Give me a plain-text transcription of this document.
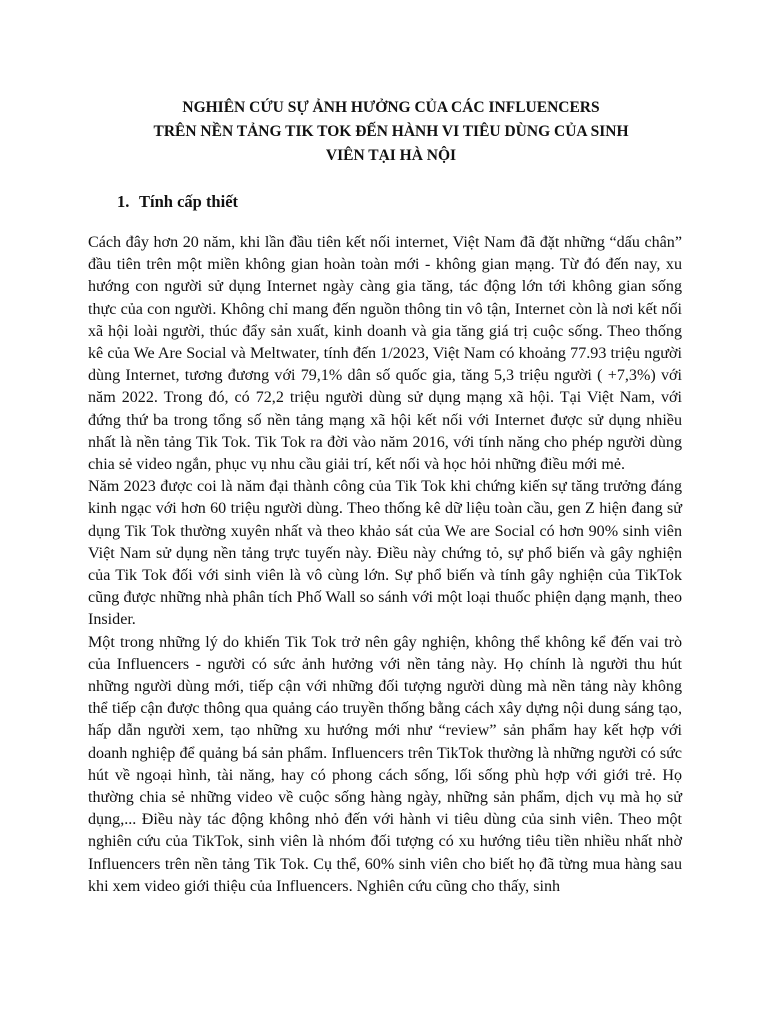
NGHIÊN CỨU SỰ ẢNH HƯỞNG CỦA CÁC INFLUENCERS
TRÊN NỀN TẢNG TIK TOK ĐẾN HÀNH VI TIÊU DÙNG CỦA SINH
VIÊN TẠI HÀ NỘI
1. Tính cấp thiết

Cách đây hơn 20 năm, khi lần đầu tiên kết nối internet, Việt Nam đã đặt những “dấu chân” đầu tiên trên một miền không gian hoàn toàn mới - không gian mạng. Từ đó đến nay, xu hướng con người sử dụng Internet ngày càng gia tăng, tác động lớn tới không gian sống thực của con người. Không chỉ mang đến nguồn thông tin vô tận, Internet còn là nơi kết nối xã hội loài người, thúc đẩy sản xuất, kinh doanh và gia tăng giá trị cuộc sống. Theo thống kê của We Are Social và Meltwater, tính đến 1/2023, Việt Nam có khoảng 77.93 triệu người dùng Internet, tương đương với 79,1% dân số quốc gia, tăng 5,3 triệu người ( +7,3%) với năm 2022. Trong đó, có 72,2 triệu người dùng sử dụng mạng xã hội. Tại Việt Nam, với đứng thứ ba trong tổng số nền tảng mạng xã hội kết nối với Internet được sử dụng nhiều nhất là nền tảng Tik Tok. Tik Tok ra đời vào năm 2016, với tính năng cho phép người dùng chia sẻ video ngắn, phục vụ nhu cầu giải trí, kết nối và học hỏi những điều mới mẻ.

Năm 2023 được coi là năm đại thành công của Tik Tok khi chứng kiến sự tăng trưởng đáng kinh ngạc với hơn 60 triệu người dùng. Theo thống kê dữ liệu toàn cầu, gen Z hiện đang sử dụng Tik Tok thường xuyên nhất và theo khảo sát của We are Social có hơn 90% sinh viên Việt Nam sử dụng nền tảng trực tuyến này. Điều này chứng tỏ, sự phổ biến và gây nghiện của Tik Tok đối với sinh viên là vô cùng lớn. Sự phổ biến và tính gây nghiện của TikTok cũng được những nhà phân tích Phố Wall so sánh với một loại thuốc phiện dạng mạnh, theo Insider.

Một trong những lý do khiến Tik Tok trở nên gây nghiện, không thể không kể đến vai trò của Influencers - người có sức ảnh hưởng với nền tảng này. Họ chính là người thu hút những người dùng mới, tiếp cận với những đối tượng người dùng mà nền tảng này không thể tiếp cận được thông qua quảng cáo truyền thống bằng cách xây dựng nội dung sáng tạo, hấp dẫn người xem, tạo những xu hướng mới như “review” sản phẩm hay kết hợp với doanh nghiệp để quảng bá sản phẩm. Influencers trên TikTok thường là những người có sức hút về ngoại hình, tài năng, hay có phong cách sống, lối sống phù hợp với giới trẻ. Họ thường chia sẻ những video về cuộc sống hàng ngày, những sản phẩm, dịch vụ mà họ sử dụng,... Điều này tác động không nhỏ đến với hành vi tiêu dùng của sinh viên. Theo một nghiên cứu của TikTok, sinh viên là nhóm đối tượng có xu hướng tiêu tiền nhiều nhất nhờ Influencers trên nền tảng Tik Tok. Cụ thể, 60% sinh viên cho biết họ đã từng mua hàng sau khi xem video giới thiệu của Influencers. Nghiên cứu cũng cho thấy, sinh
